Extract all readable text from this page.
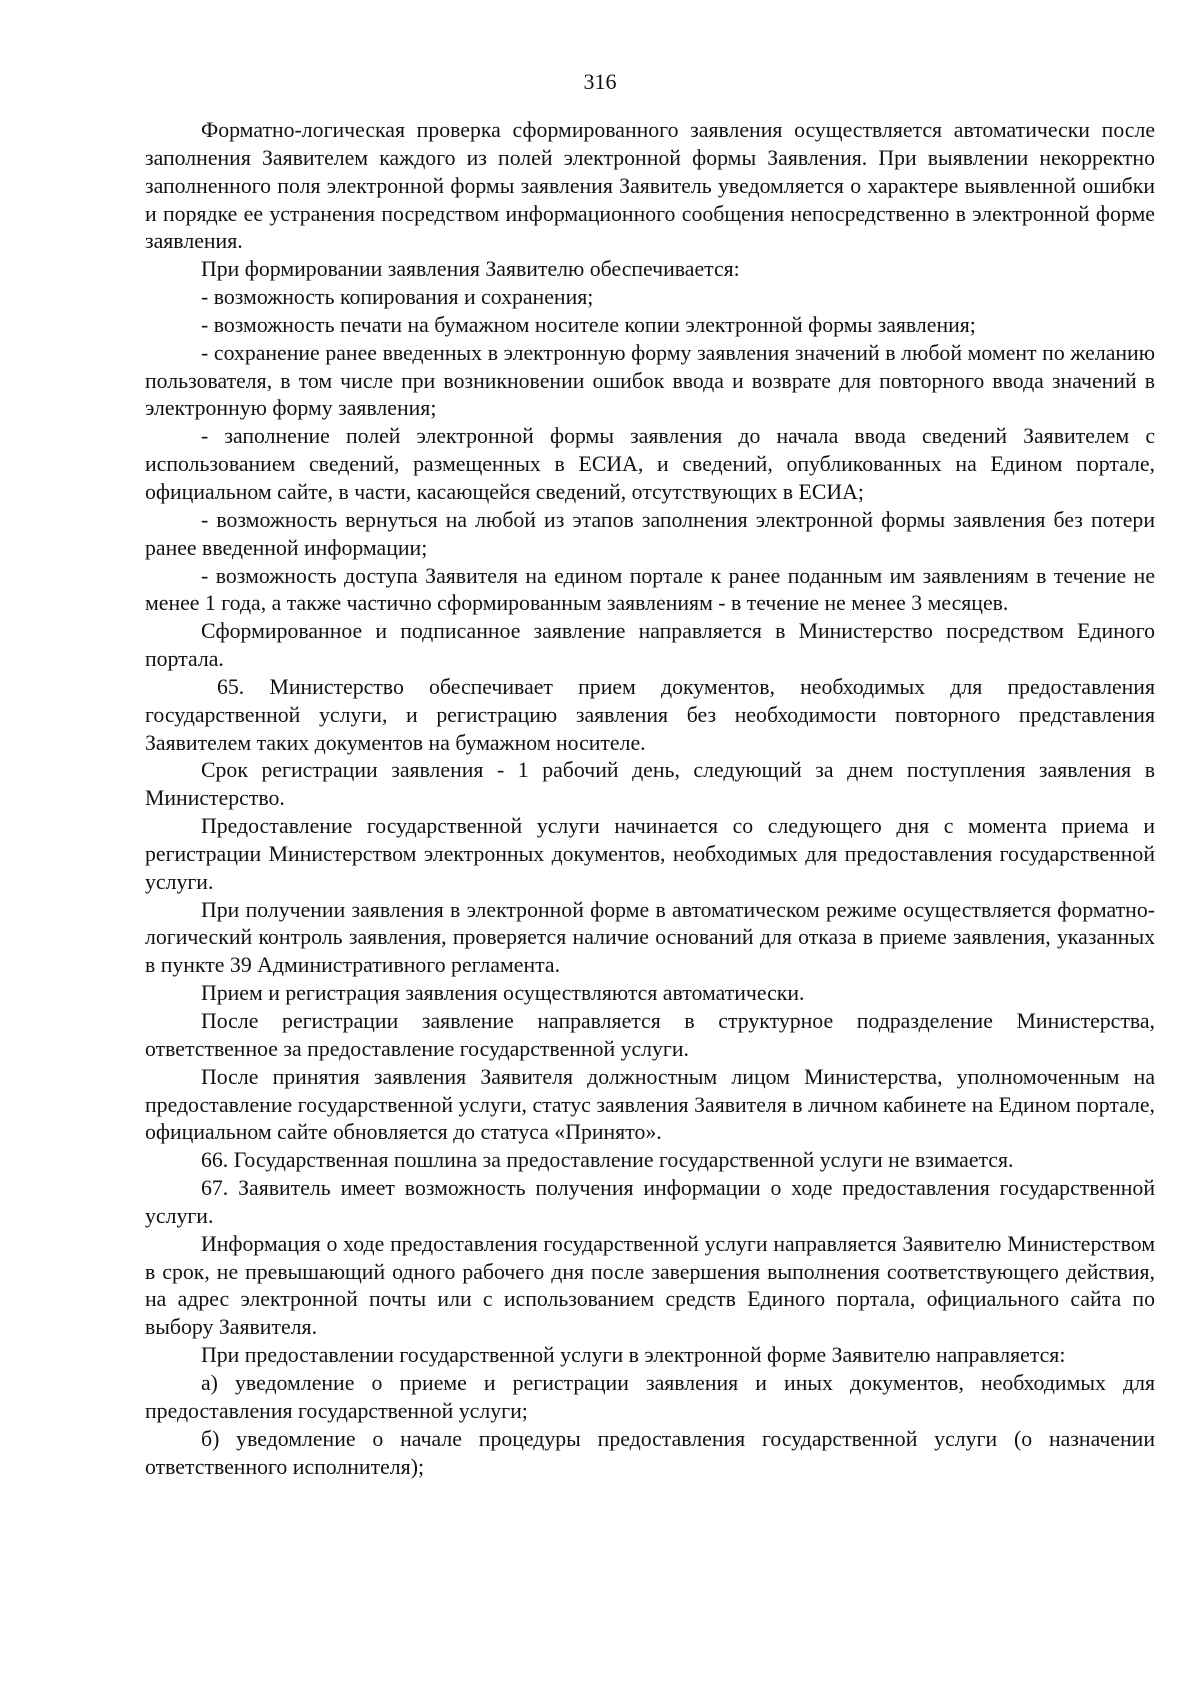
316

Форматно-логическая проверка сформированного заявления осуществляется автоматически после заполнения Заявителем каждого из полей электронной формы Заявления. При выявлении некорректно заполненного поля электронной формы заявления Заявитель уведомляется о характере выявленной ошибки и порядке ее устранения посредством информационного сообщения непосредственно в электронной форме заявления.

При формировании заявления Заявителю обеспечивается:

- возможность копирования и сохранения;

- возможность печати на бумажном носителе копии электронной формы заявления;

- сохранение ранее введенных в электронную форму заявления значений в любой момент по желанию пользователя, в том числе при возникновении ошибок ввода и возврате для повторного ввода значений в электронную форму заявления;

- заполнение полей электронной формы заявления до начала ввода сведений Заявителем с использованием сведений, размещенных в ЕСИА, и сведений, опубликованных на Едином портале, официальном сайте, в части, касающейся сведений, отсутствующих в ЕСИА;

- возможность вернуться на любой из этапов заполнения электронной формы заявления без потери ранее введенной информации;

- возможность доступа Заявителя на едином портале к ранее поданным им заявлениям в течение не менее 1 года, а также частично сформированным заявлениям - в течение не менее 3 месяцев.

Сформированное и подписанное заявление направляется в Министерство посредством Единого портала.

65. Министерство обеспечивает прием документов, необходимых для предоставления государственной услуги, и регистрацию заявления без необходимости повторного представления Заявителем таких документов на бумажном носителе.

Срок регистрации заявления - 1 рабочий день, следующий за днем поступления заявления в Министерство.

Предоставление государственной услуги начинается со следующего дня с момента приема и регистрации Министерством электронных документов, необходимых для предоставления государственной услуги.

При получении заявления в электронной форме в автоматическом режиме осуществляется форматно-логический контроль заявления, проверяется наличие оснований для отказа в приеме заявления, указанных в пункте 39 Административного регламента.

Прием и регистрация заявления осуществляются автоматически.

После регистрации заявление направляется в структурное подразделение Министерства, ответственное за предоставление государственной услуги.

После принятия заявления Заявителя должностным лицом Министерства, уполномоченным на предоставление государственной услуги, статус заявления Заявителя в личном кабинете на Едином портале, официальном сайте обновляется до статуса «Принято».

66. Государственная пошлина за предоставление государственной услуги не взимается.

67. Заявитель имеет возможность получения информации о ходе предоставления государственной услуги.

Информация о ходе предоставления государственной услуги направляется Заявителю Министерством в срок, не превышающий одного рабочего дня после завершения выполнения соответствующего действия, на адрес электронной почты или с использованием средств Единого портала, официального сайта по выбору Заявителя.

При предоставлении государственной услуги в электронной форме Заявителю направляется:

а) уведомление о приеме и регистрации заявления и иных документов, необходимых для предоставления государственной услуги;

б) уведомление о начале процедуры предоставления государственной услуги (о назначении ответственного исполнителя);
